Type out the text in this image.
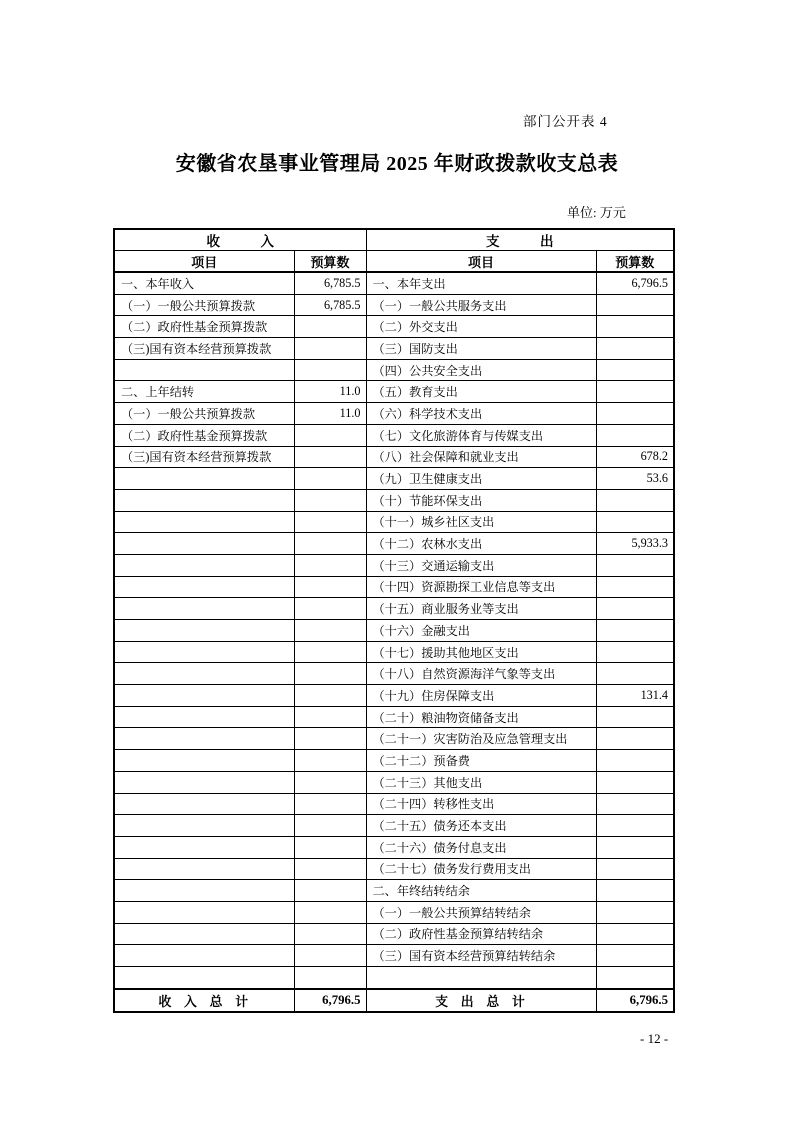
部门公开表 4
安徽省农垦事业管理局 2025 年财政拨款收支总表
单位: 万元
收　　　入		支　　　出	
项目	预算数	项目	预算数
一、本年收入	6,785.5	一、本年支出	6,796.5
（一）一般公共预算拨款	6,785.5	（一）一般公共服务支出	
（二）政府性基金预算拨款		（二）外交支出	
（三)国有资本经营预算拨款		（三）国防支出	
		（四）公共安全支出	
二、上年结转	11.0	（五）教育支出	
（一）一般公共预算拨款	11.0	（六）科学技术支出	
（二）政府性基金预算拨款		（七）文化旅游体育与传媒支出	
（三)国有资本经营预算拨款		（八）社会保障和就业支出	678.2
		（九）卫生健康支出	53.6
		（十）节能环保支出	
		（十一）城乡社区支出	
		（十二）农林水支出	5,933.3
		（十三）交通运输支出	
		（十四）资源勘探工业信息等支出	
		（十五）商业服务业等支出	
		（十六）金融支出	
		（十七）援助其他地区支出	
		（十八）自然资源海洋气象等支出	
		（十九）住房保障支出	131.4
		（二十）粮油物资储备支出	
		（二十一）灾害防治及应急管理支出	
		（二十二）预备费	
		（二十三）其他支出	
		（二十四）转移性支出	
		（二十五）债务还本支出	
		（二十六）债务付息支出	
		（二十七）债务发行费用支出	
		二、年终结转结余	
		（一）一般公共预算结转结余	
		（二）政府性基金预算结转结余	
		（三）国有资本经营预算结转结余	

收　入　总　计	6,796.5	支　出　总　计	6,796.5
- 12 -
